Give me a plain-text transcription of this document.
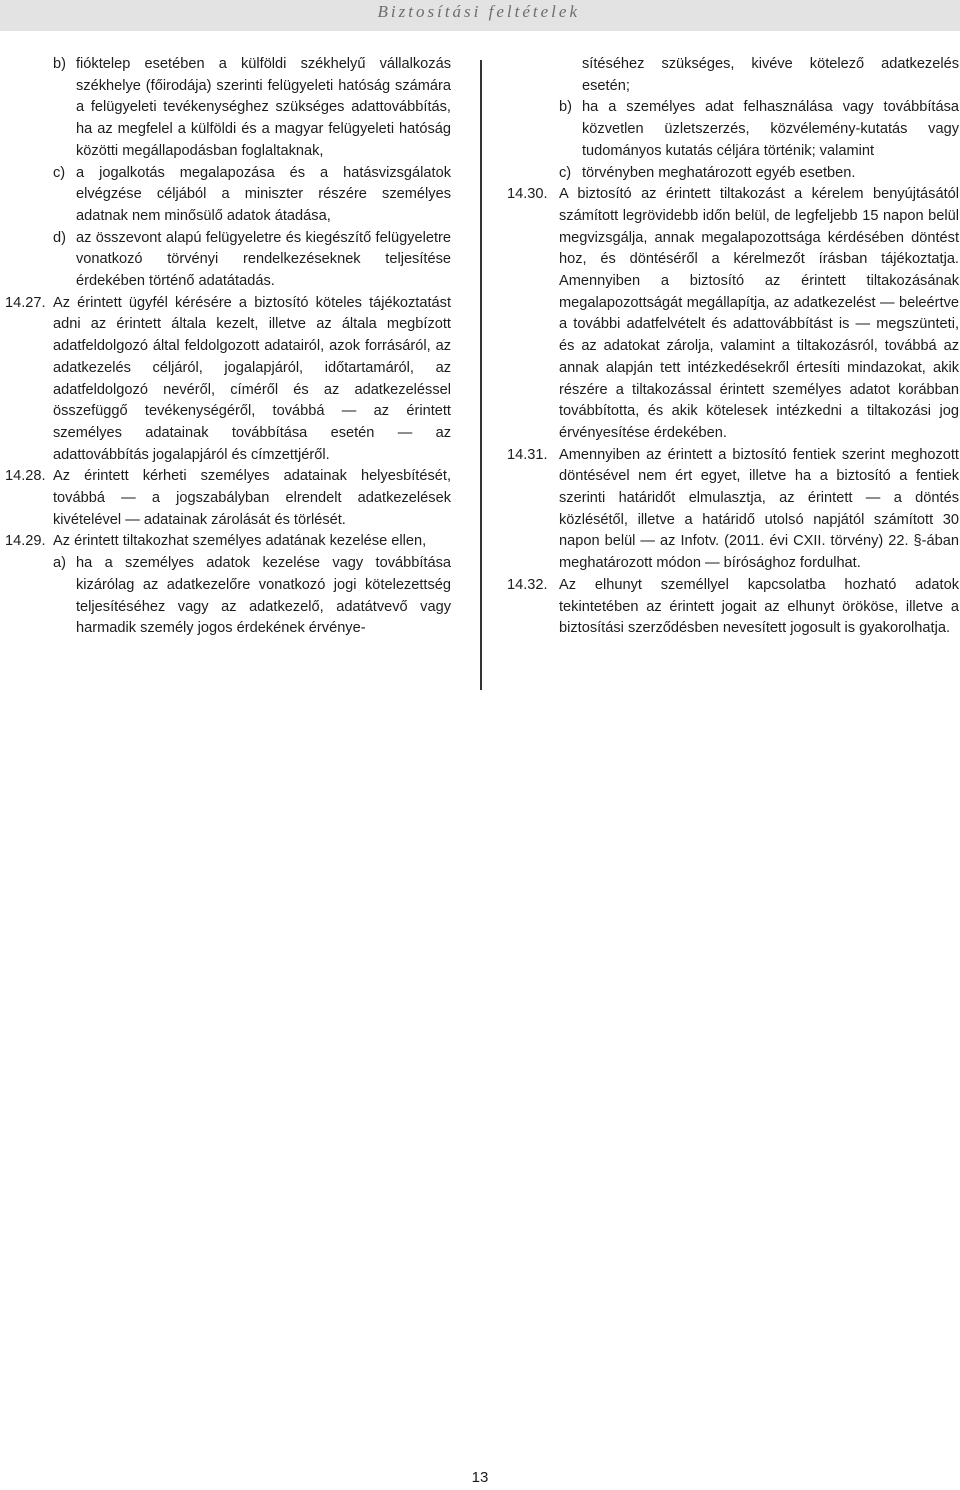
Biztosítási feltételek
b) fióktelep esetében a külföldi székhelyű vállalkozás székhelye (főirodája) szerinti felügyeleti hatóság számára a felügyeleti tevékenységhez szükséges adattovábbítás, ha az megfelel a külföldi és a magyar felügyeleti hatóság közötti megállapodásban foglaltaknak,
c) a jogalkotás megalapozása és a hatásvizsgálatok elvégzése céljából a miniszter részére személyes adatnak nem minősülő adatok átadása,
d) az összevont alapú felügyeletre és kiegészítő felügyeletre vonatkozó törvényi rendelkezéseknek teljesítése érdekében történő adatátadás.
14.27. Az érintett ügyfél kérésére a biztosító köteles tájékoztatást adni az érintett általa kezelt, illetve az általa megbízott adatfeldolgozó által feldolgozott adatairól, azok forrásáról, az adatkezelés céljáról, jogalapjáról, időtartamáról, az adatfeldolgozó nevéről, címéről és az adatkezeléssel összefüggő tevékenységéről, továbbá — az érintett személyes adatainak továbbítása esetén — az adattovábbítás jogalapjáról és címzettjéről.
14.28. Az érintett kérheti személyes adatainak helyesbítését, továbbá — a jogszabályban elrendelt adatkezelések kivételével — adatainak zárolását és törlését.
14.29. Az érintett tiltakozhat személyes adatának kezelése ellen,
a) ha a személyes adatok kezelése vagy továbbítása kizárólag az adatkezelőre vonatkozó jogi kötelezettség teljesítéséhez vagy az adatkezelő, adatátvevő vagy harmadik személy jogos érdekének érvénye-
sítéséhez szükséges, kivéve kötelező adatkezelés esetén;
b) ha a személyes adat felhasználása vagy továbbítása közvetlen üzletszerzés, közvélemény-kutatás vagy tudományos kutatás céljára történik; valamint
c) törvényben meghatározott egyéb esetben.
14.30. A biztosító az érintett tiltakozást a kérelem benyújtásától számított legrövidebb időn belül, de legfeljebb 15 napon belül megvizsgálja, annak megalapozottsága kérdésében döntést hoz, és döntéséről a kérelmezőt írásban tájékoztatja. Amennyiben a biztosító az érintett tiltakozásának megalapozottságát megállapítja, az adatkezelést — beleértve a további adatfelvételt és adattovábbítást is — megszünteti, és az adatokat zárolja, valamint a tiltakozásról, továbbá az annak alapján tett intézkedésekről értesíti mindazokat, akik részére a tiltakozással érintett személyes adatot korábban továbbította, és akik kötelesek intézkedni a tiltakozási jog érvényesítése érdekében.
14.31. Amennyiben az érintett a biztosító fentiek szerint meghozott döntésével nem ért egyet, illetve ha a biztosító a fentiek szerinti határidőt elmulasztja, az érintett — a döntés közlésétől, illetve a határidő utolsó napjától számított 30 napon belül — az Infotv. (2011. évi CXII. törvény) 22. §-ában meghatározott módon — bírósághoz fordulhat.
14.32. Az elhunyt személlyel kapcsolatba hozható adatok tekintetében az érintett jogait az elhunyt örököse, illetve a biztosítási szerződésben nevesített jogosult is gyakorolhatja.
13
